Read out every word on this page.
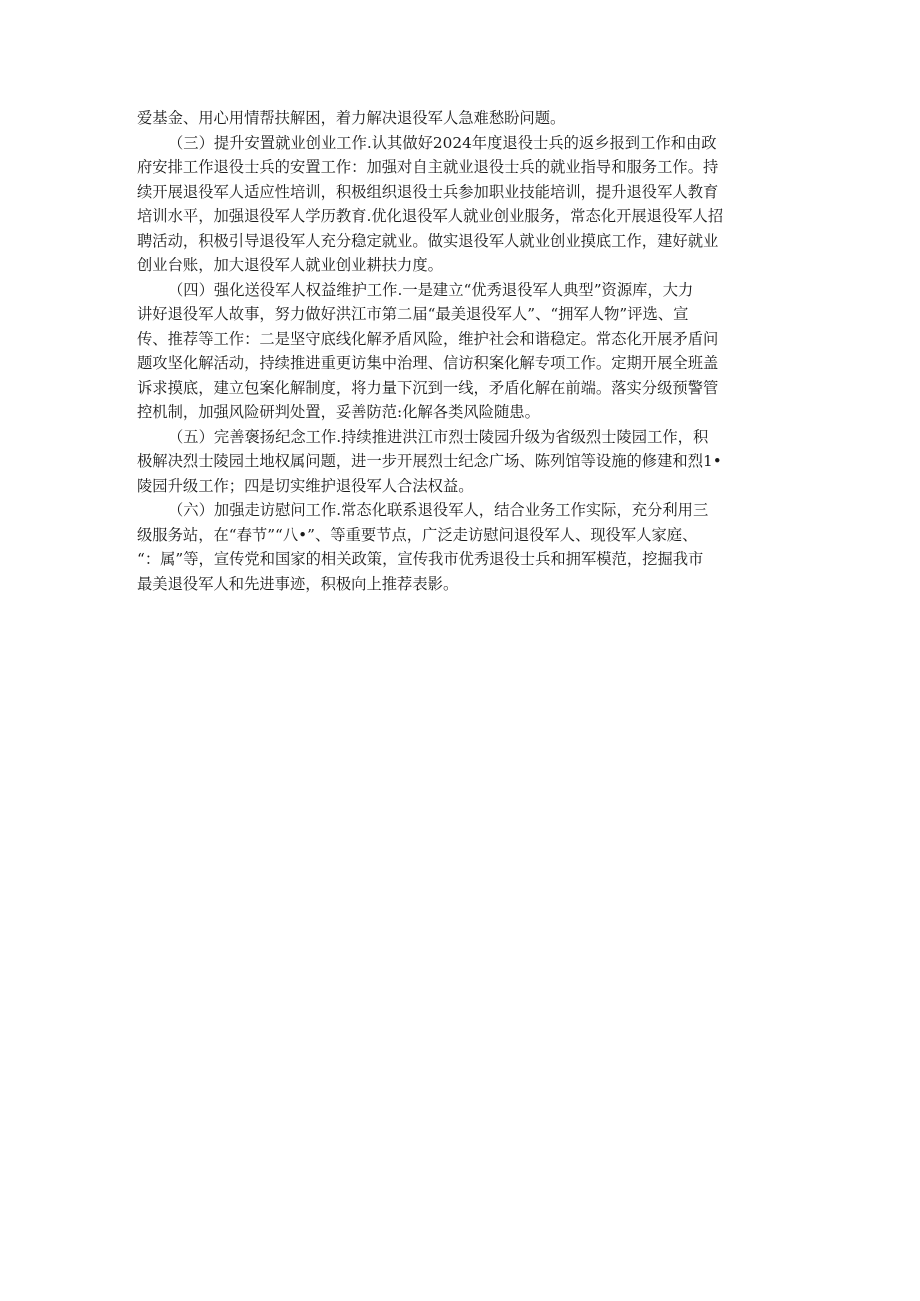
爱基金、用心用情帮扶解困，着力解决退役军人急难愁盼问题。
（三）提升安置就业创业工作.认其做好2024年度退役士兵的返乡报到工作和由政
府安排工作退役士兵的安置工作：加强对自主就业退役士兵的就业指导和服务工作。持
续开展退役军人适应性培训，积极组织退役士兵参加职业技能培训，提升退役军人教育
培训水平，加强退役军人学历教育.优化退役军人就业创业服务，常态化开展退役军人招
聘活动，积极引导退役军人充分稳定就业。做实退役军人就业创业摸底工作，建好就业
创业台账，加大退役军人就业创业耕扶力度。
（四）强化送役军人权益维护工作.一是建立“优秀退役军人典型”资源库，大力
讲好退役军人故事，努力做好洪江市第二届“最美退役军人”、“拥军人物”评选、宣
传、推荐等工作：二是坚守底线化解矛盾风险，维护社会和谐稳定。常态化开展矛盾问
题攻坚化解活动，持续推进重更访集中治理、信访积案化解专项工作。定期开展全班盖
诉求摸底，建立包案化解制度，将力量下沉到一线，矛盾化解在前端。落实分级预警管
控机制，加强风险研判处置，妥善防范:化解各类风险随患。
（五）完善褒扬纪念工作.持续推进洪江市烈士陵园升级为省级烈士陵园工作，积
极解决烈士陵园土地权属问题，进一步开展烈士纪念广场、陈列馆等设施的修建和烈1•
陵园升级工作；四是切实维护退役军人合法权益。
（六）加强走访慰问工作.常态化联系退役军人，结合业务工作实际，充分利用三
级服务站，在“春节”“八•”、等重要节点，广泛走访慰问退役军人、现役军人家庭、
“：属”等，宣传党和国家的相关政策，宣传我市优秀退役士兵和拥军模范，挖掘我市
最美退役军人和先进事迹，积极向上推荐表影。
